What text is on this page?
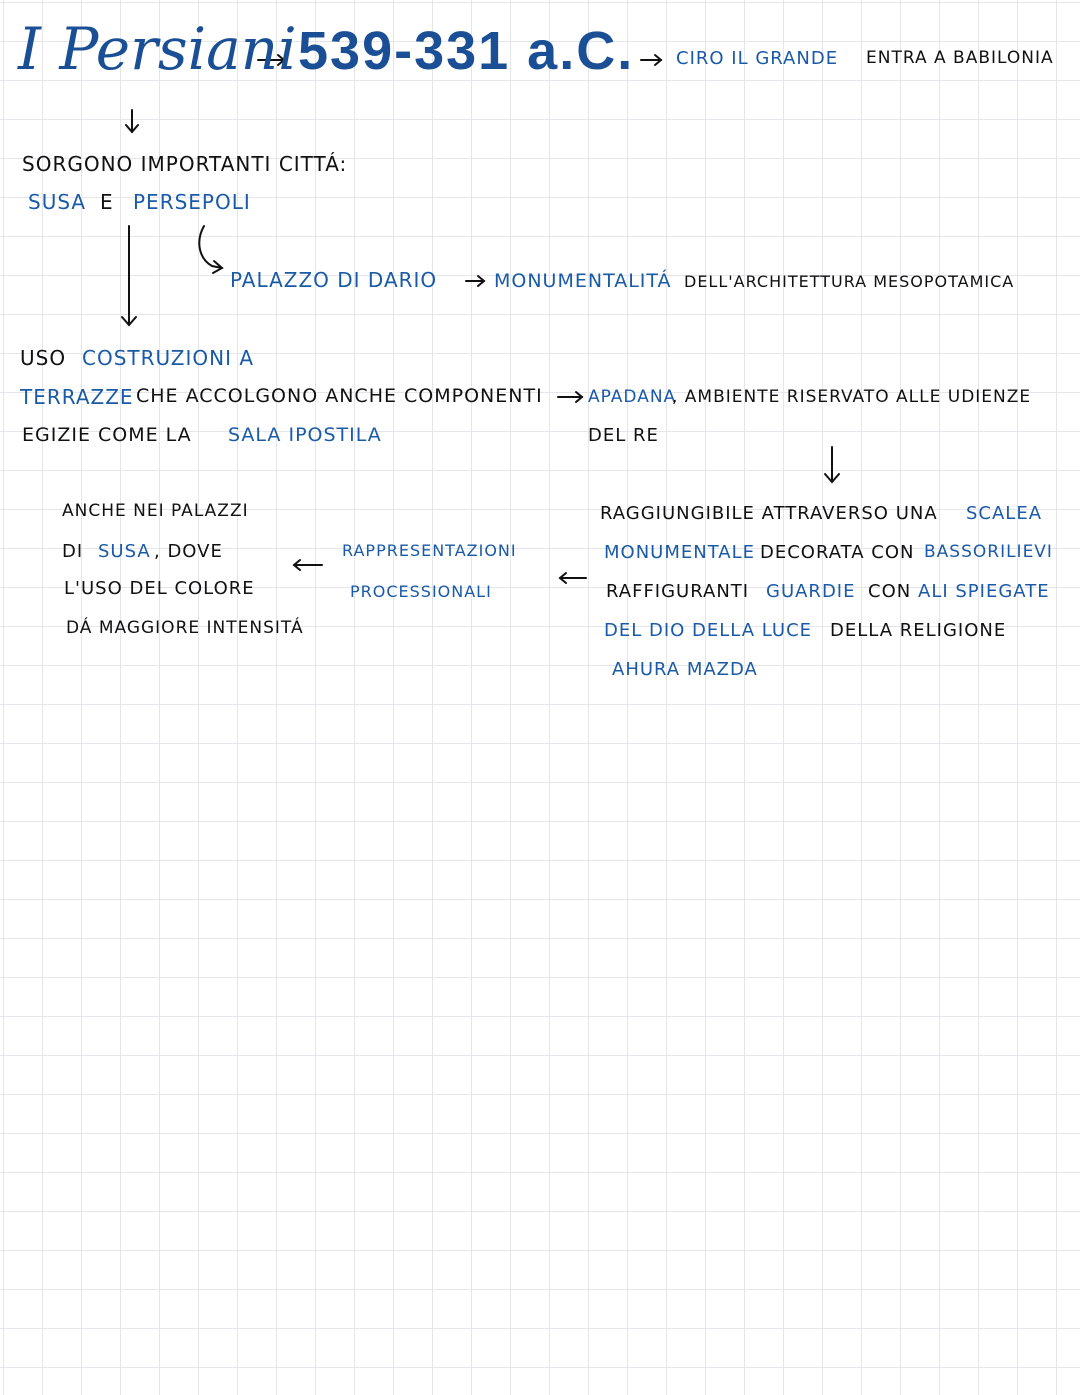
I Persiani 539-331 a.C. CIRO IL GRANDE ENTRA A BABILONIA
SORGONO IMPORTANTI CITTÁ:
SUSA E PERSEPOLI
PALAZZO DI DARIO	MONUMENTALITÁ DELL'ARCHITETTURA MESOPOTAMICA
USO COSTRUZIONI A
TERRAZZE CHE ACCOLGONO ANCHE COMPONENTI
EGIZIE COME LA SALA IPOSTILA
APADANA
, AMBIENTE RISERVATO ALLE UDIENZE
DEL RE
RAGGIUNGIBILE ATTRAVERSO UNA SCALEA
MONUMENTALE DECORATA CON BASSORILIEVI
RAFFIGURANTI GUARDIE CON ALI SPIEGATE
DEL DIO DELLA LUCE DELLA RELIGIONE
AHURA MAZDA
RAPPRESENTAZIONI
PROCESSIONALI
ANCHE NEI PALAZZI
DI SUSA , DOVE
L'USO DEL COLORE
DÁ MAGGIORE INTENSITÁ
